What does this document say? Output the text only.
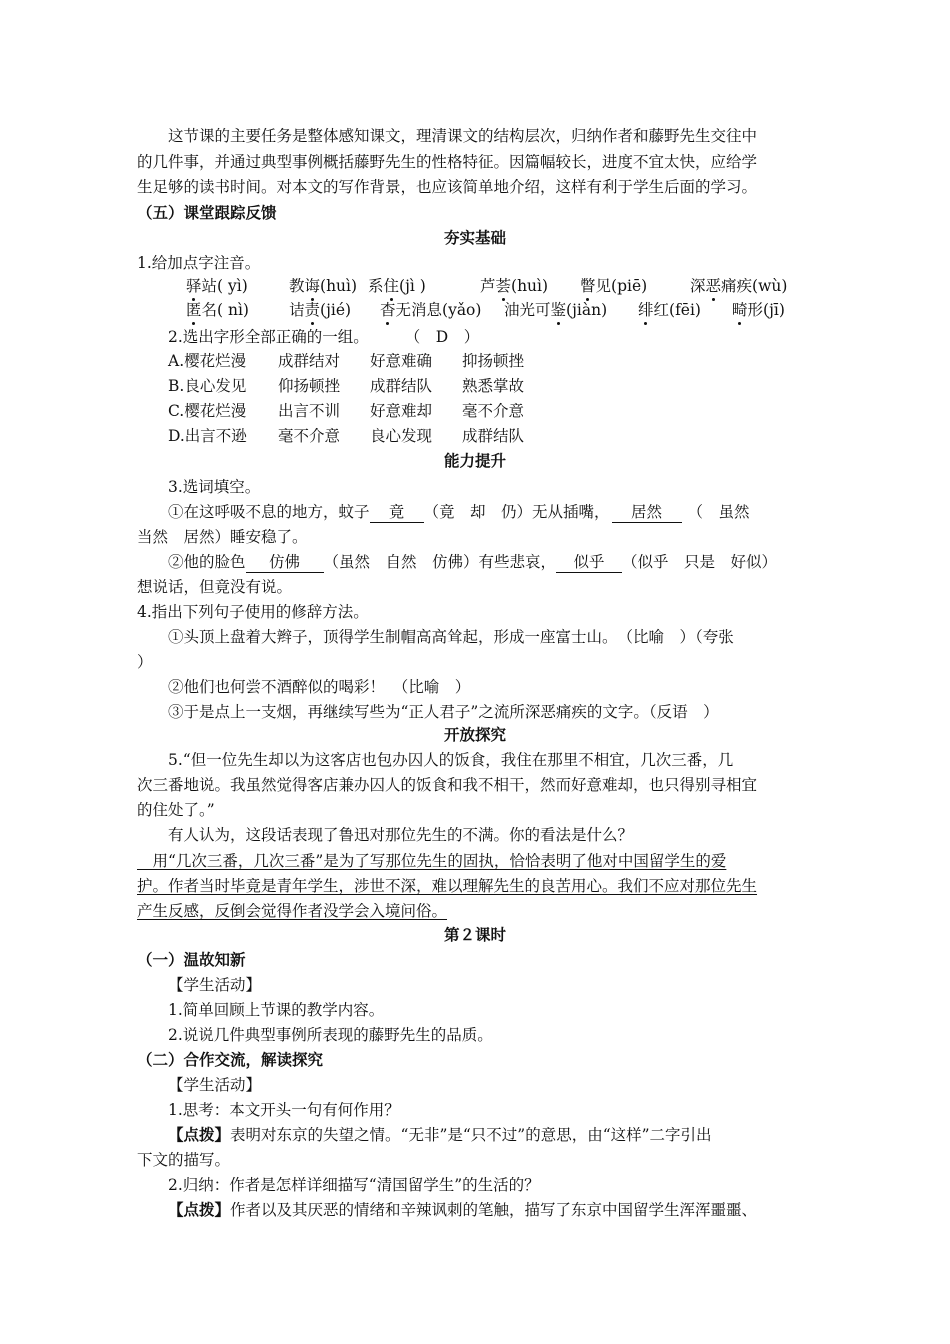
这节课的主要任务是整体感知课文，理清课文的结构层次，归纳作者和藤野先生交往中
的几件事，并通过典型事例概括藤野先生的性格特征。因篇幅较长，进度不宜太快，应给学
生足够的读书时间。对本文的写作背景，也应该简单地介绍，这样有利于学生后面的学习。
（五）课堂跟踪反馈
夯实基础
1.给加点字注音。
驿站( yì)	教诲(huì) 系住(jì )	芦荟(huì) 瞥见(piē)	深恶痛疾(wù)
匿名( nì)	诘责(jié) 杳无消息(yǎo) 油光可鉴(jiàn) 绯红(fēi) 畸形(jī)
2.选出字形全部正确的一组。 （　D　）
A.樱花烂漫 成群结对 好意难确 抑扬顿挫
B.良心发见 仰扬顿挫 成群结队 熟悉掌故
C.樱花烂漫 出言不训 好意难却 毫不介意
D.出言不逊 毫不介意 良心发现 成群结队
能力提升
3.选词填空。
①在这呼吸不息的地方，蚊子 竟 （竟　却　仍）无从插嘴， 居然 （　虽然
当然　居然）睡安稳了。
②他的脸色 仿佛 （虽然　自然　仿佛）有些悲哀， 似乎 （似乎　只是　好似）
想说话，但竟没有说。
4.指出下列句子使用的修辞方法。
①头顶上盘着大辫子，顶得学生制帽高高耸起，形成一座富士山。　（比喻　）（夸张
）
②他们也何尝不酒醉似的喝彩！　（比喻　）
③于是点上一支烟，再继续写些为“正人君子”之流所深恶痛疾的文字。（反语　）
开放探究
5.“但一位先生却以为这客店也包办囚人的饭食，我住在那里不相宜，几次三番，几
次三番地说。我虽然觉得客店兼办囚人的饭食和我不相干，然而好意难却，也只得别寻相宜
的住处了。”
有人认为，这段话表现了鲁迅对那位先生的不满。你的看法是什么？
　用“几次三番，几次三番”是为了写那位先生的固执，恰恰表明了他对中国留学生的爱
护。作者当时毕竟是青年学生，涉世不深，难以理解先生的良苦用心。我们不应对那位先生
产生反感，反倒会觉得作者没学会入境问俗。
第２课时
（一）温故知新
【学生活动】
1.简单回顾上节课的教学内容。
2.说说几件典型事例所表现的藤野先生的品质。
（二）合作交流，解读探究
【学生活动】
1.思考：本文开头一句有何作用？
【点拨】表明对东京的失望之情。“无非”是“只不过”的意思，由“这样”二字引出
下文的描写。
2.归纳：作者是怎样详细描写“清国留学生”的生活的？
【点拨】作者以及其厌恶的情绪和辛辣讽刺的笔触，描写了东京中国留学生浑浑噩噩、
